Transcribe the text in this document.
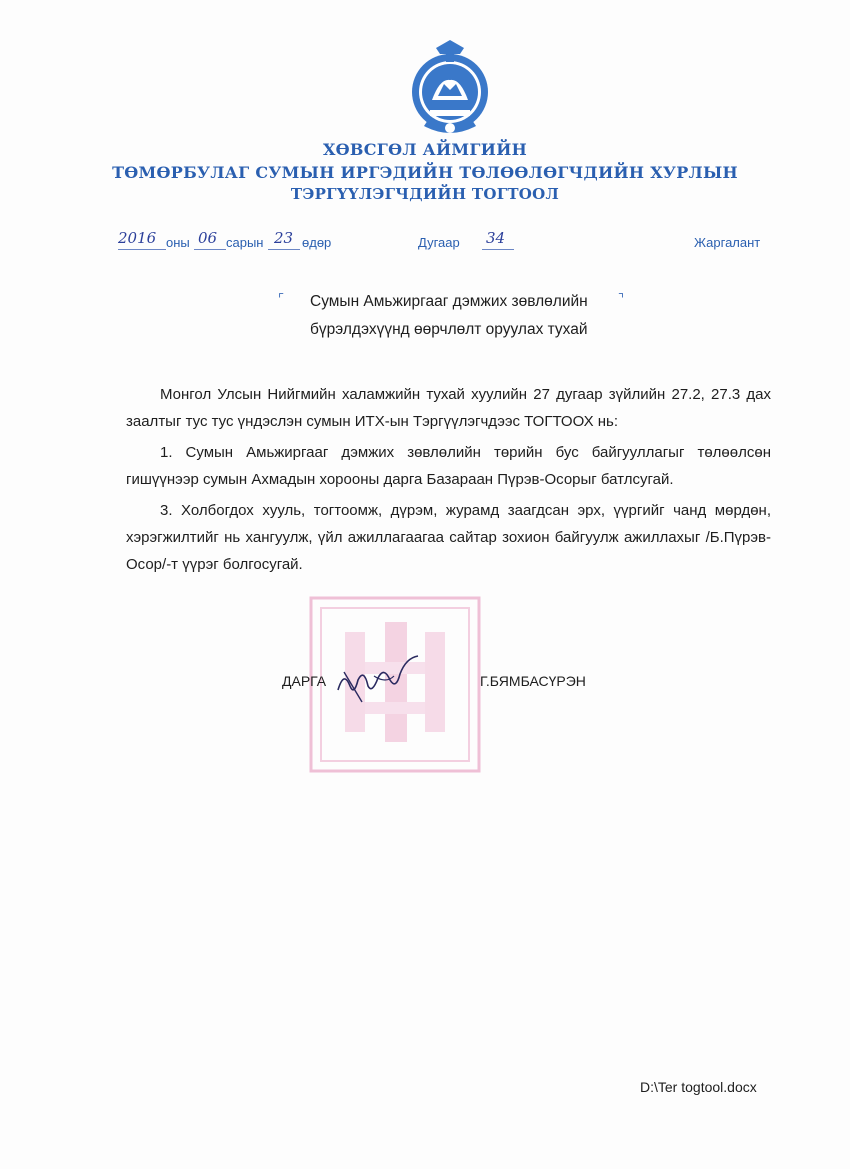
ХӨВСГӨЛ АЙМГИЙН
ТӨМӨРБУЛАГ СУМЫН ИРГЭДИЙН ТӨЛӨӨЛӨГЧДИЙН ХУРЛЫН
ТЭРГҮҮЛЭГЧДИЙН ТОГТООЛ
2016 оны 06 сарын 23 өдөр	Дугаар 34	Жаргалант
⌜	⌝
Сумын Амьжиргааг дэмжих зөвлөлийн
бүрэлдэхүүнд өөрчлөлт оруулах тухай

Монгол Улсын Нийгмийн халамжийн тухай хуулийн 27 дугаар зүйлийн 27.2, 27.3 дах заалтыг тус тус үндэслэн сумын ИТХ-ын Тэргүүлэгчдээс ТОГТООХ нь:

1. Сумын Амьжиргааг дэмжих зөвлөлийн төрийн бус байгууллагыг төлөөлсөн гишүүнээр сумын Ахмадын хорооны дарга Базараан Пүрэв-Осорыг батлсугай.

3. Холбогдох хууль, тогтоомж, дүрэм, журамд заагдсан эрх, үүргийг чанд мөрдөн, хэрэгжилтийг нь хангуулж, үйл ажиллагаагаа сайтар зохион байгуулж ажиллахыг /Б.Пүрэв-Осор/-т үүрэг болгосугай.

ДАРГА	Г.БЯМБАСҮРЭН
D:\Ter togtool.docx
